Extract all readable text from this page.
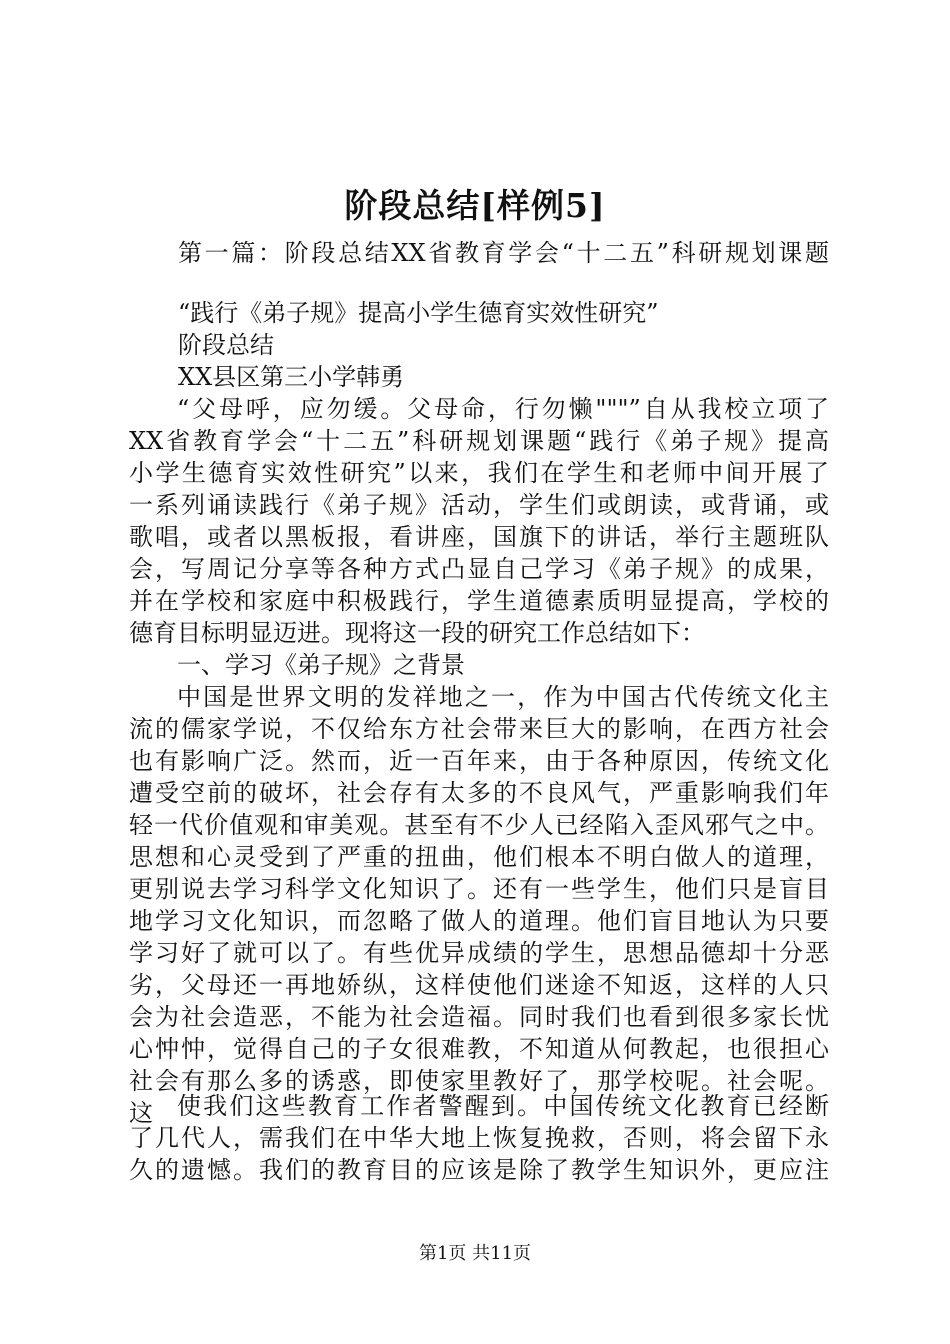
阶段总结[样例5]
第一篇：阶段总结XX省教育学会“十二五”科研规划课题
“践行《弟子规》提高小学生德育实效性研究”
阶段总结
XX县区第三小学韩勇
“父母呼，应勿缓。父母命，行勿懒"""”自从我校立项了
XX省教育学会“十二五”科研规划课题“践行《弟子规》提高
小学生德育实效性研究”以来，我们在学生和老师中间开展了
一系列诵读践行《弟子规》活动，学生们或朗读，或背诵，或
歌唱，或者以黑板报，看讲座，国旗下的讲话，举行主题班队
会，写周记分享等各种方式凸显自己学习《弟子规》的成果，
并在学校和家庭中积极践行，学生道德素质明显提高，学校的
德育目标明显迈进。现将这一段的研究工作总结如下：
一、学习《弟子规》之背景
中国是世界文明的发祥地之一，作为中国古代传统文化主
流的儒家学说，不仅给东方社会带来巨大的影响，在西方社会
也有影响广泛。然而，近一百年来，由于各种原因，传统文化
遭受空前的破坏，社会存有太多的不良风气，严重影响我们年
轻一代价值观和审美观。甚至有不少人已经陷入歪风邪气之中。
思想和心灵受到了严重的扭曲，他们根本不明白做人的道理，
更别说去学习科学文化知识了。还有一些学生，他们只是盲目
地学习文化知识，而忽略了做人的道理。他们盲目地认为只要
学习好了就可以了。有些优异成绩的学生，思想品德却十分恶
劣，父母还一再地娇纵，这样使他们迷途不知返，这样的人只
会为社会造恶，不能为社会造福。同时我们也看到很多家长忧
心忡忡，觉得自己的子女很难教，不知道从何教起，也很担心
社会有那么多的诱惑，即使家里教好了，那学校呢。社会呢。
这	使我们这些教育工作者警醒到。中国传统文化教育已经断
了几代人，需我们在中华大地上恢复挽救，否则，将会留下永
久的遗憾。我们的教育目的应该是除了教学生知识外，更应注
第1页 共11页
